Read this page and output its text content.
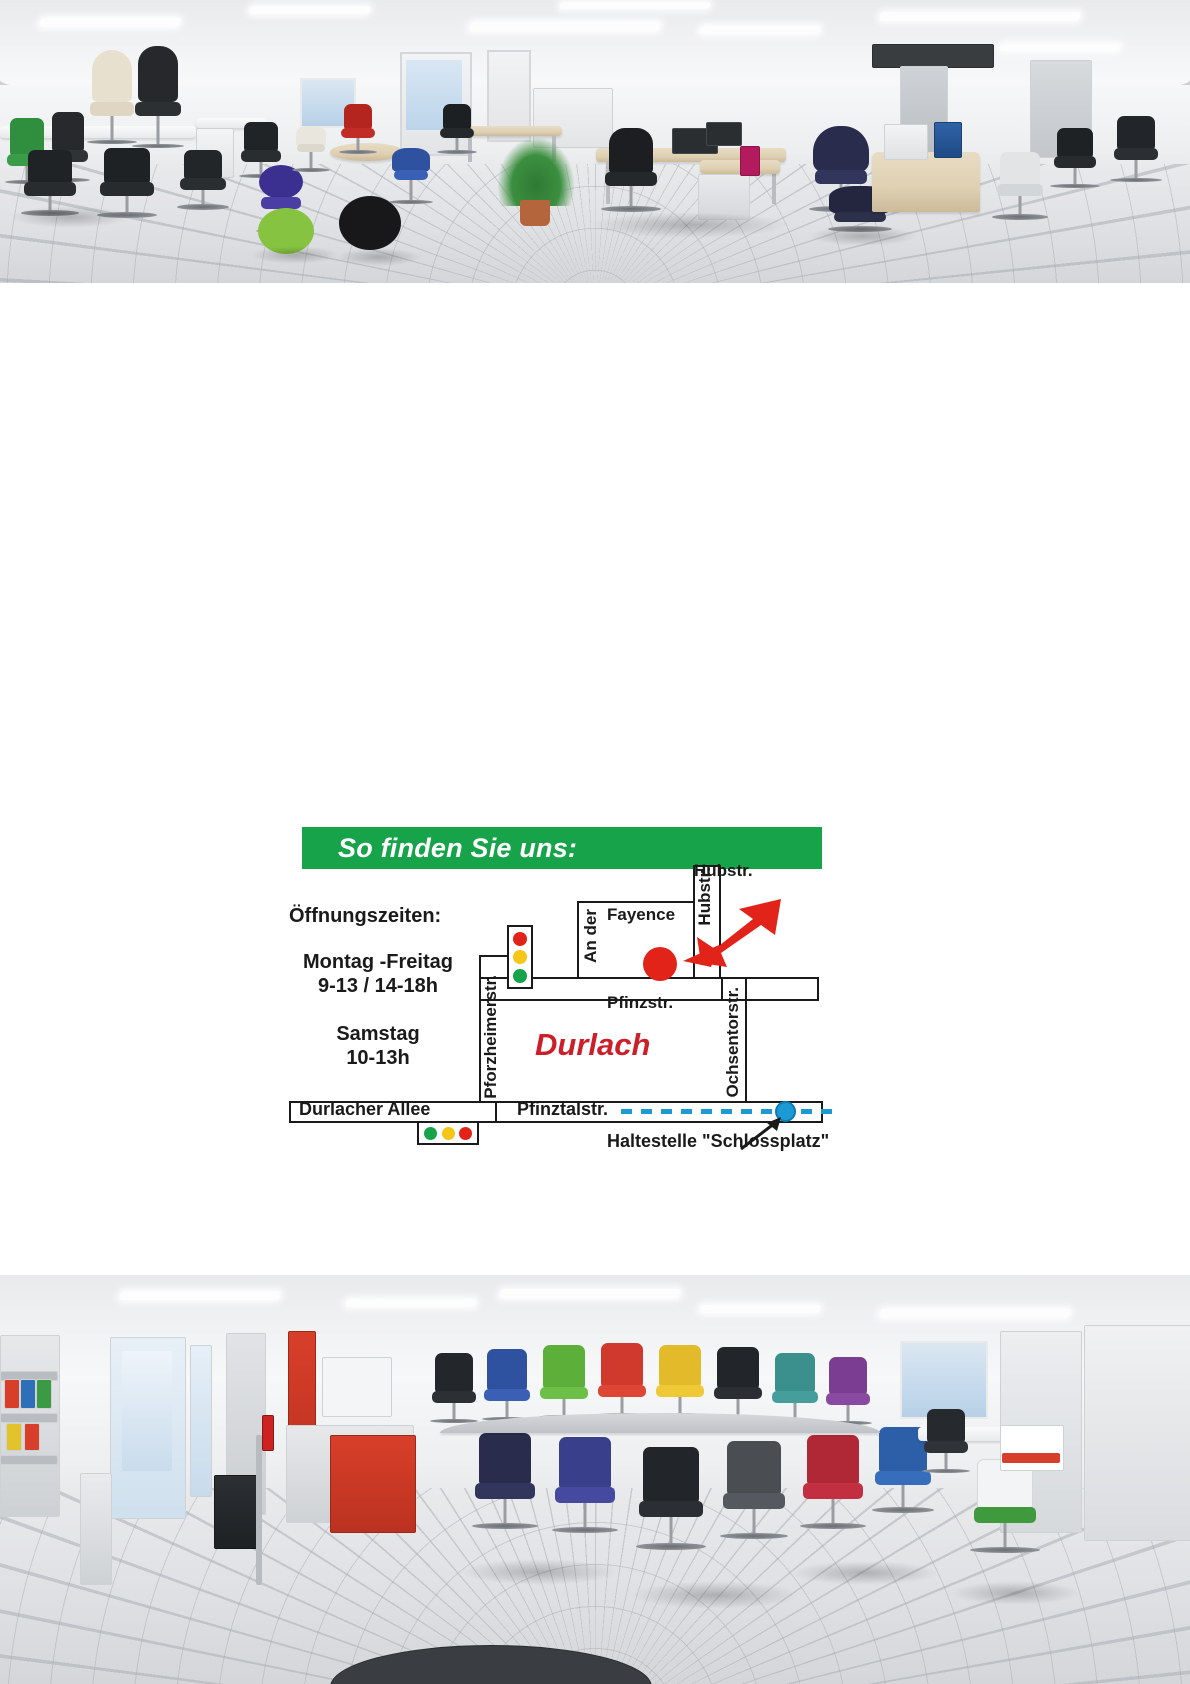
So finden Sie uns:
Öffnungszeiten:
Montag -Freitag
9-13 / 14-18h
Samstag
10-13h
Hubstr.
An der Fayence
Pfinzstr.
Pforzheimerstr.	Ochsentorstr.
Durlacher Allee	Pfinztalstr.
Hubstr.
Durlach
Haltestelle "Schlossplatz"
